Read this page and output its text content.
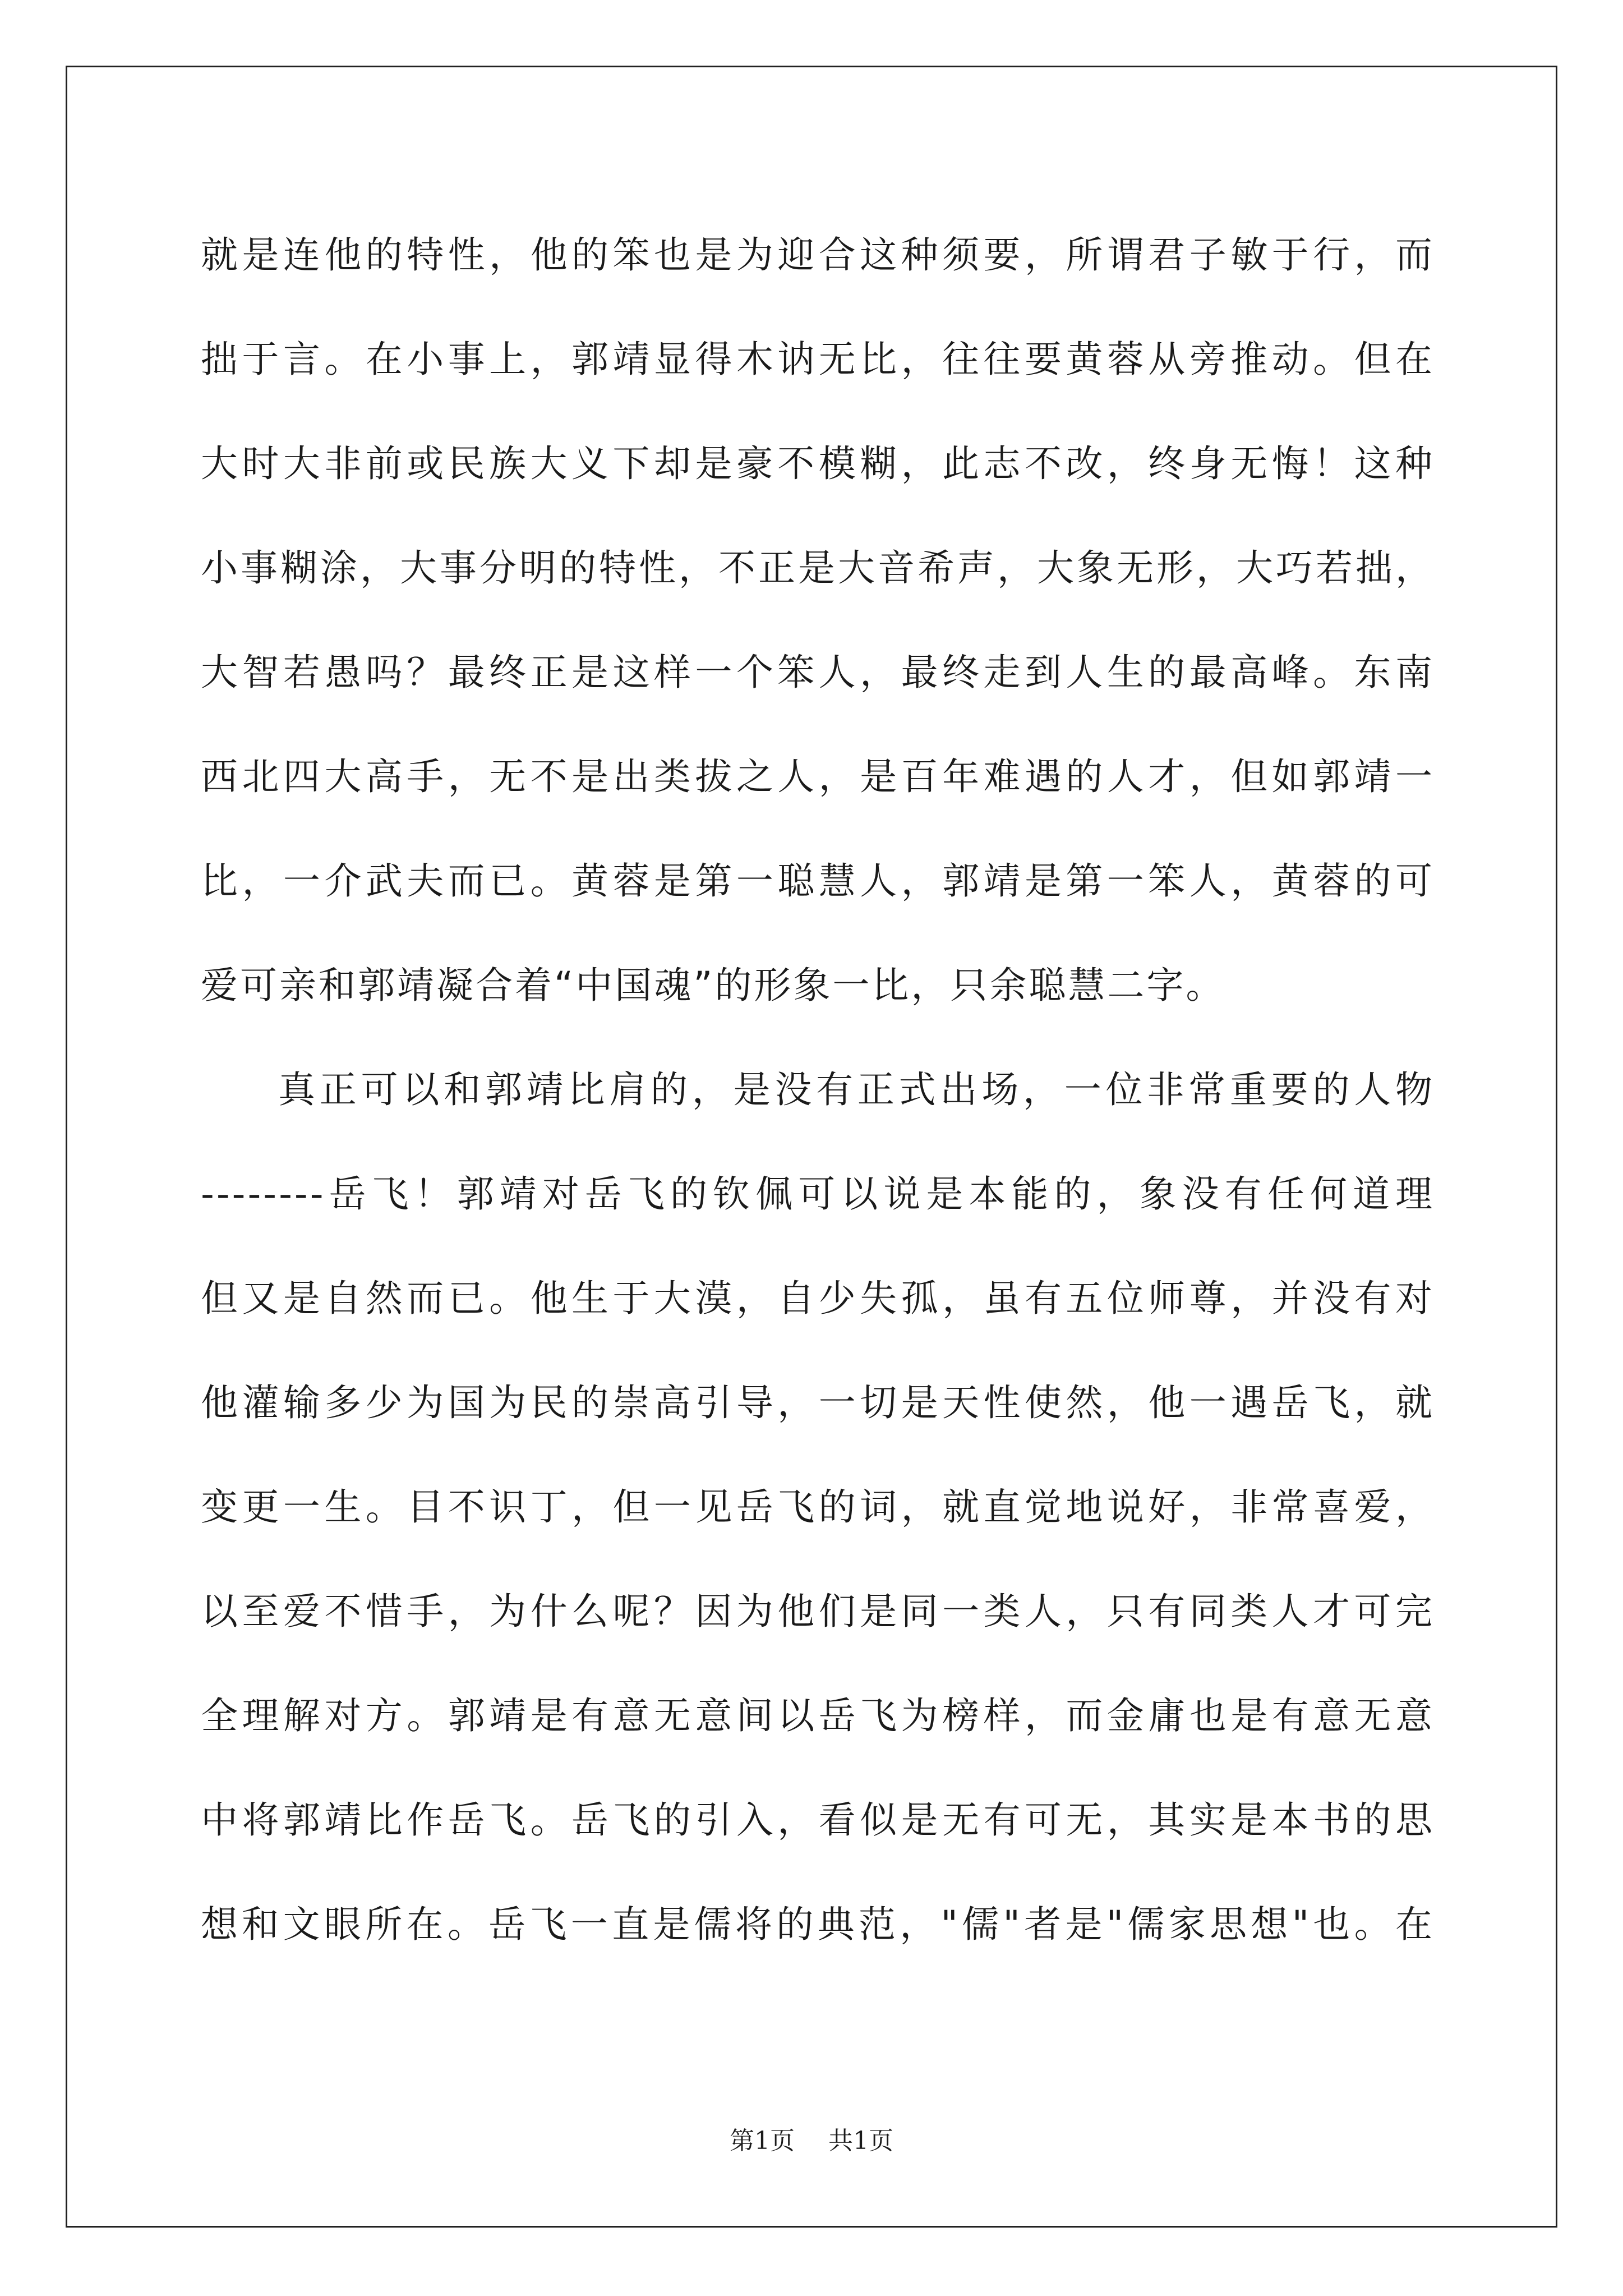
就是连他的特性，他的笨也是为迎合这种须要，所谓君子敏于行，而
拙于言。在小事上，郭靖显得木讷无比，往往要黄蓉从旁推动。但在
大时大非前或民族大义下却是豪不模糊，此志不改，终身无悔！这种
小事糊涂，大事分明的特性，不正是大音希声，大象无形，大巧若拙，
大智若愚吗？最终正是这样一个笨人，最终走到人生的最高峰。东南
西北四大高手，无不是出类拔之人，是百年难遇的人才，但如郭靖一
比，一介武夫而已。黄蓉是第一聪慧人，郭靖是第一笨人，黄蓉的可
爱可亲和郭靖凝合着“中国魂”的形象一比，只余聪慧二字。
真正可以和郭靖比肩的，是没有正式出场，一位非常重要的人物
--------岳飞！郭靖对岳飞的钦佩可以说是本能的，象没有任何道理
但又是自然而已。他生于大漠，自少失孤，虽有五位师尊，并没有对
他灌输多少为国为民的崇高引导，一切是天性使然，他一遇岳飞，就
变更一生。目不识丁，但一见岳飞的词，就直觉地说好，非常喜爱，
以至爱不惜手，为什么呢？因为他们是同一类人，只有同类人才可完
全理解对方。郭靖是有意无意间以岳飞为榜样，而金庸也是有意无意
中将郭靖比作岳飞。岳飞的引入，看似是无有可无，其实是本书的思
想和文眼所在。岳飞一直是儒将的典范，"儒"者是"儒家思想"也。在
第1页 共1页
